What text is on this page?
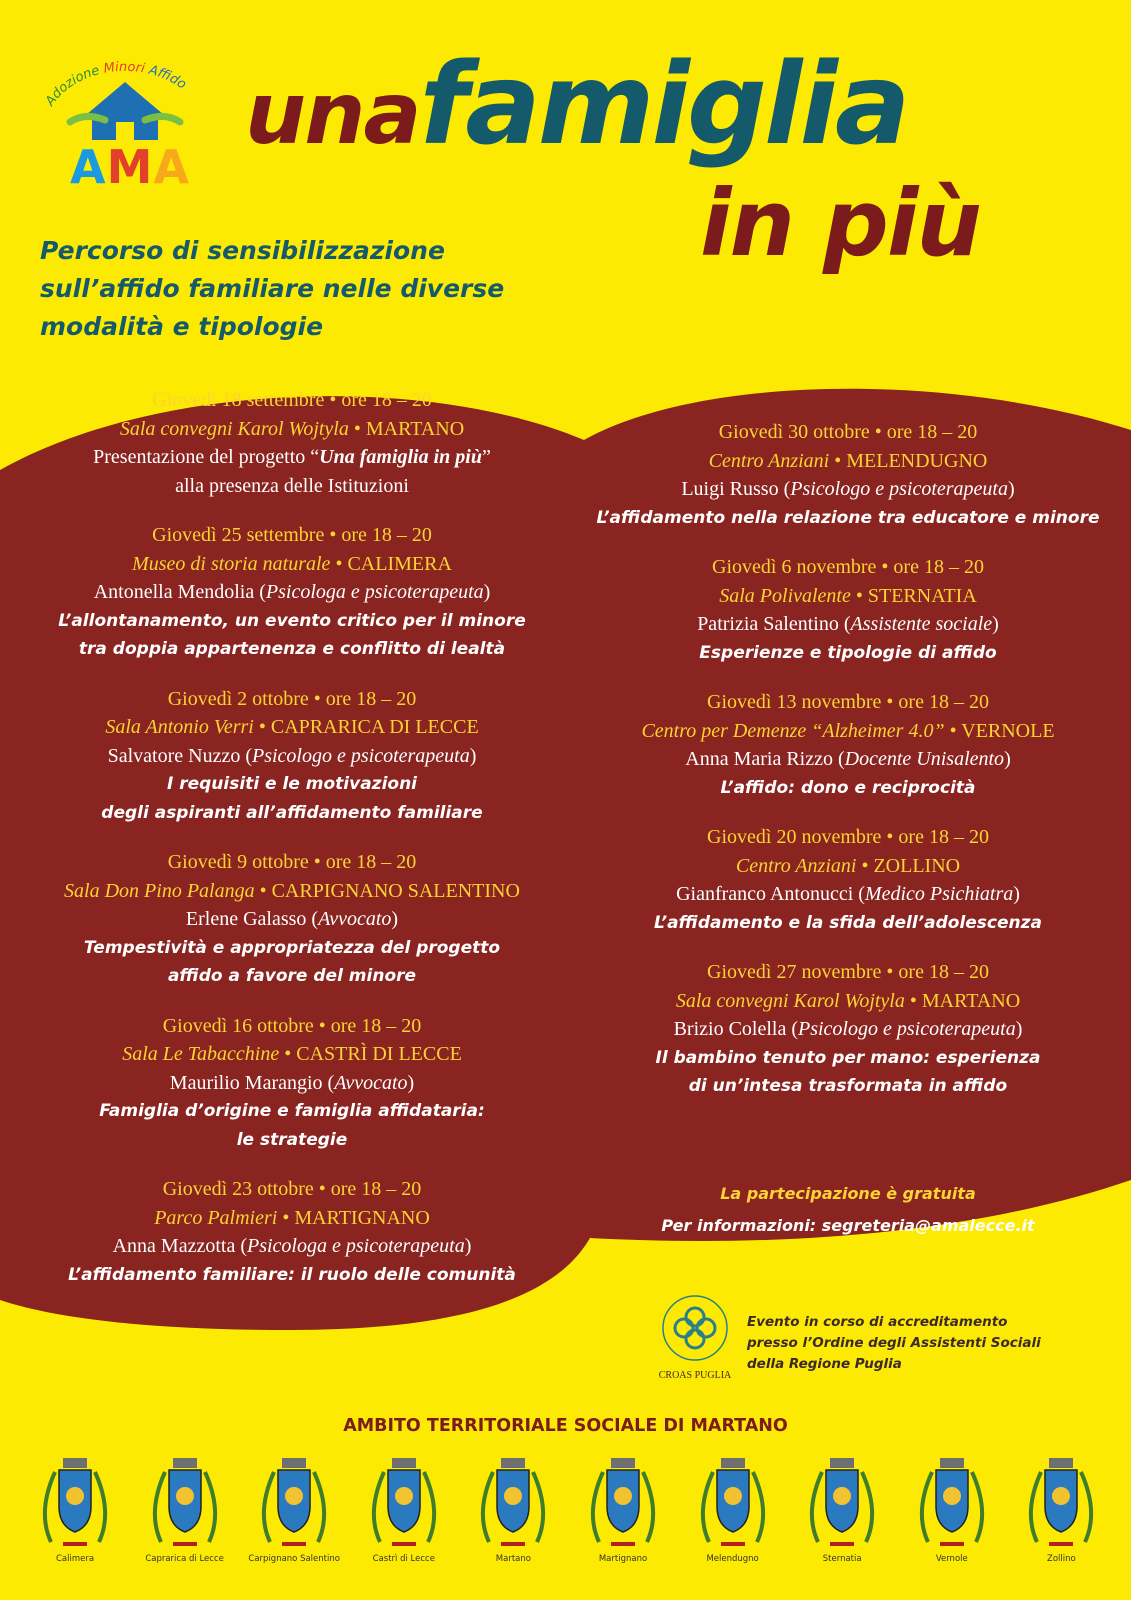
Adozione Minori Affido
AMA
unafamiglia
in più
Percorso di sensibilizzazione
sull’affido familiare nelle diverse
modalità e tipologie
Giovedì 18 settembre • ore 18 – 20
Sala convegni Karol Wojtyla • MARTANO
Presentazione del progetto “Una famiglia in più”
alla presenza delle Istituzioni
Giovedì 25 settembre • ore 18 – 20
Museo di storia naturale • CALIMERA
Antonella Mendolia (Psicologa e psicoterapeuta)
L’allontanamento, un evento critico per il minore
tra doppia appartenenza e conflitto di lealtà
Giovedì 2 ottobre • ore 18 – 20
Sala Antonio Verri • CAPRARICA DI LECCE
Salvatore Nuzzo (Psicologo e psicoterapeuta)
I requisiti e le motivazioni
degli aspiranti all’affidamento familiare
Giovedì 9 ottobre • ore 18 – 20
Sala Don Pino Palanga • CARPIGNANO SALENTINO
Erlene Galasso (Avvocato)
Tempestività e appropriatezza del progetto
affido a favore del minore
Giovedì 16 ottobre • ore 18 – 20
Sala Le Tabacchine • CASTRÌ DI LECCE
Maurilio Marangio (Avvocato)
Famiglia d’origine e famiglia affidataria:
le strategie
Giovedì 23 ottobre • ore 18 – 20
Parco Palmieri • MARTIGNANO
Anna Mazzotta (Psicologa e psicoterapeuta)
L’affidamento familiare: il ruolo delle comunità
Giovedì 30 ottobre • ore 18 – 20
Centro Anziani • MELENDUGNO
Luigi Russo (Psicologo e psicoterapeuta)
L’affidamento nella relazione tra educatore e minore
Giovedì 6 novembre • ore 18 – 20
Sala Polivalente • STERNATIA
Patrizia Salentino (Assistente sociale)
Esperienze e tipologie di affido
Giovedì 13 novembre • ore 18 – 20
Centro per Demenze “Alzheimer 4.0” • VERNOLE
Anna Maria Rizzo (Docente Unisalento)
L’affido: dono e reciprocità
Giovedì 20 novembre • ore 18 – 20
Centro Anziani • ZOLLINO
Gianfranco Antonucci (Medico Psichiatra)
L’affidamento e la sfida dell’adolescenza
Giovedì 27 novembre • ore 18 – 20
Sala convegni Karol Wojtyla • MARTANO
Brizio Colella (Psicologo e psicoterapeuta)
Il bambino tenuto per mano: esperienza
di un’intesa trasformata in affido
La partecipazione è gratuita
Per informazioni: segreteria@amalecce.it
CROAS PUGLIA
Evento in corso di accreditamento
presso l’Ordine degli Assistenti Sociali
della Regione Puglia
AMBITO TERRITORIALE SOCIALE DI MARTANO
Calimera	Caprarica di Lecce	Carpignano Salentino	Castrì di Lecce	Martano	Martignano	Melendugno	Sternatia	Vernole	Zollino
